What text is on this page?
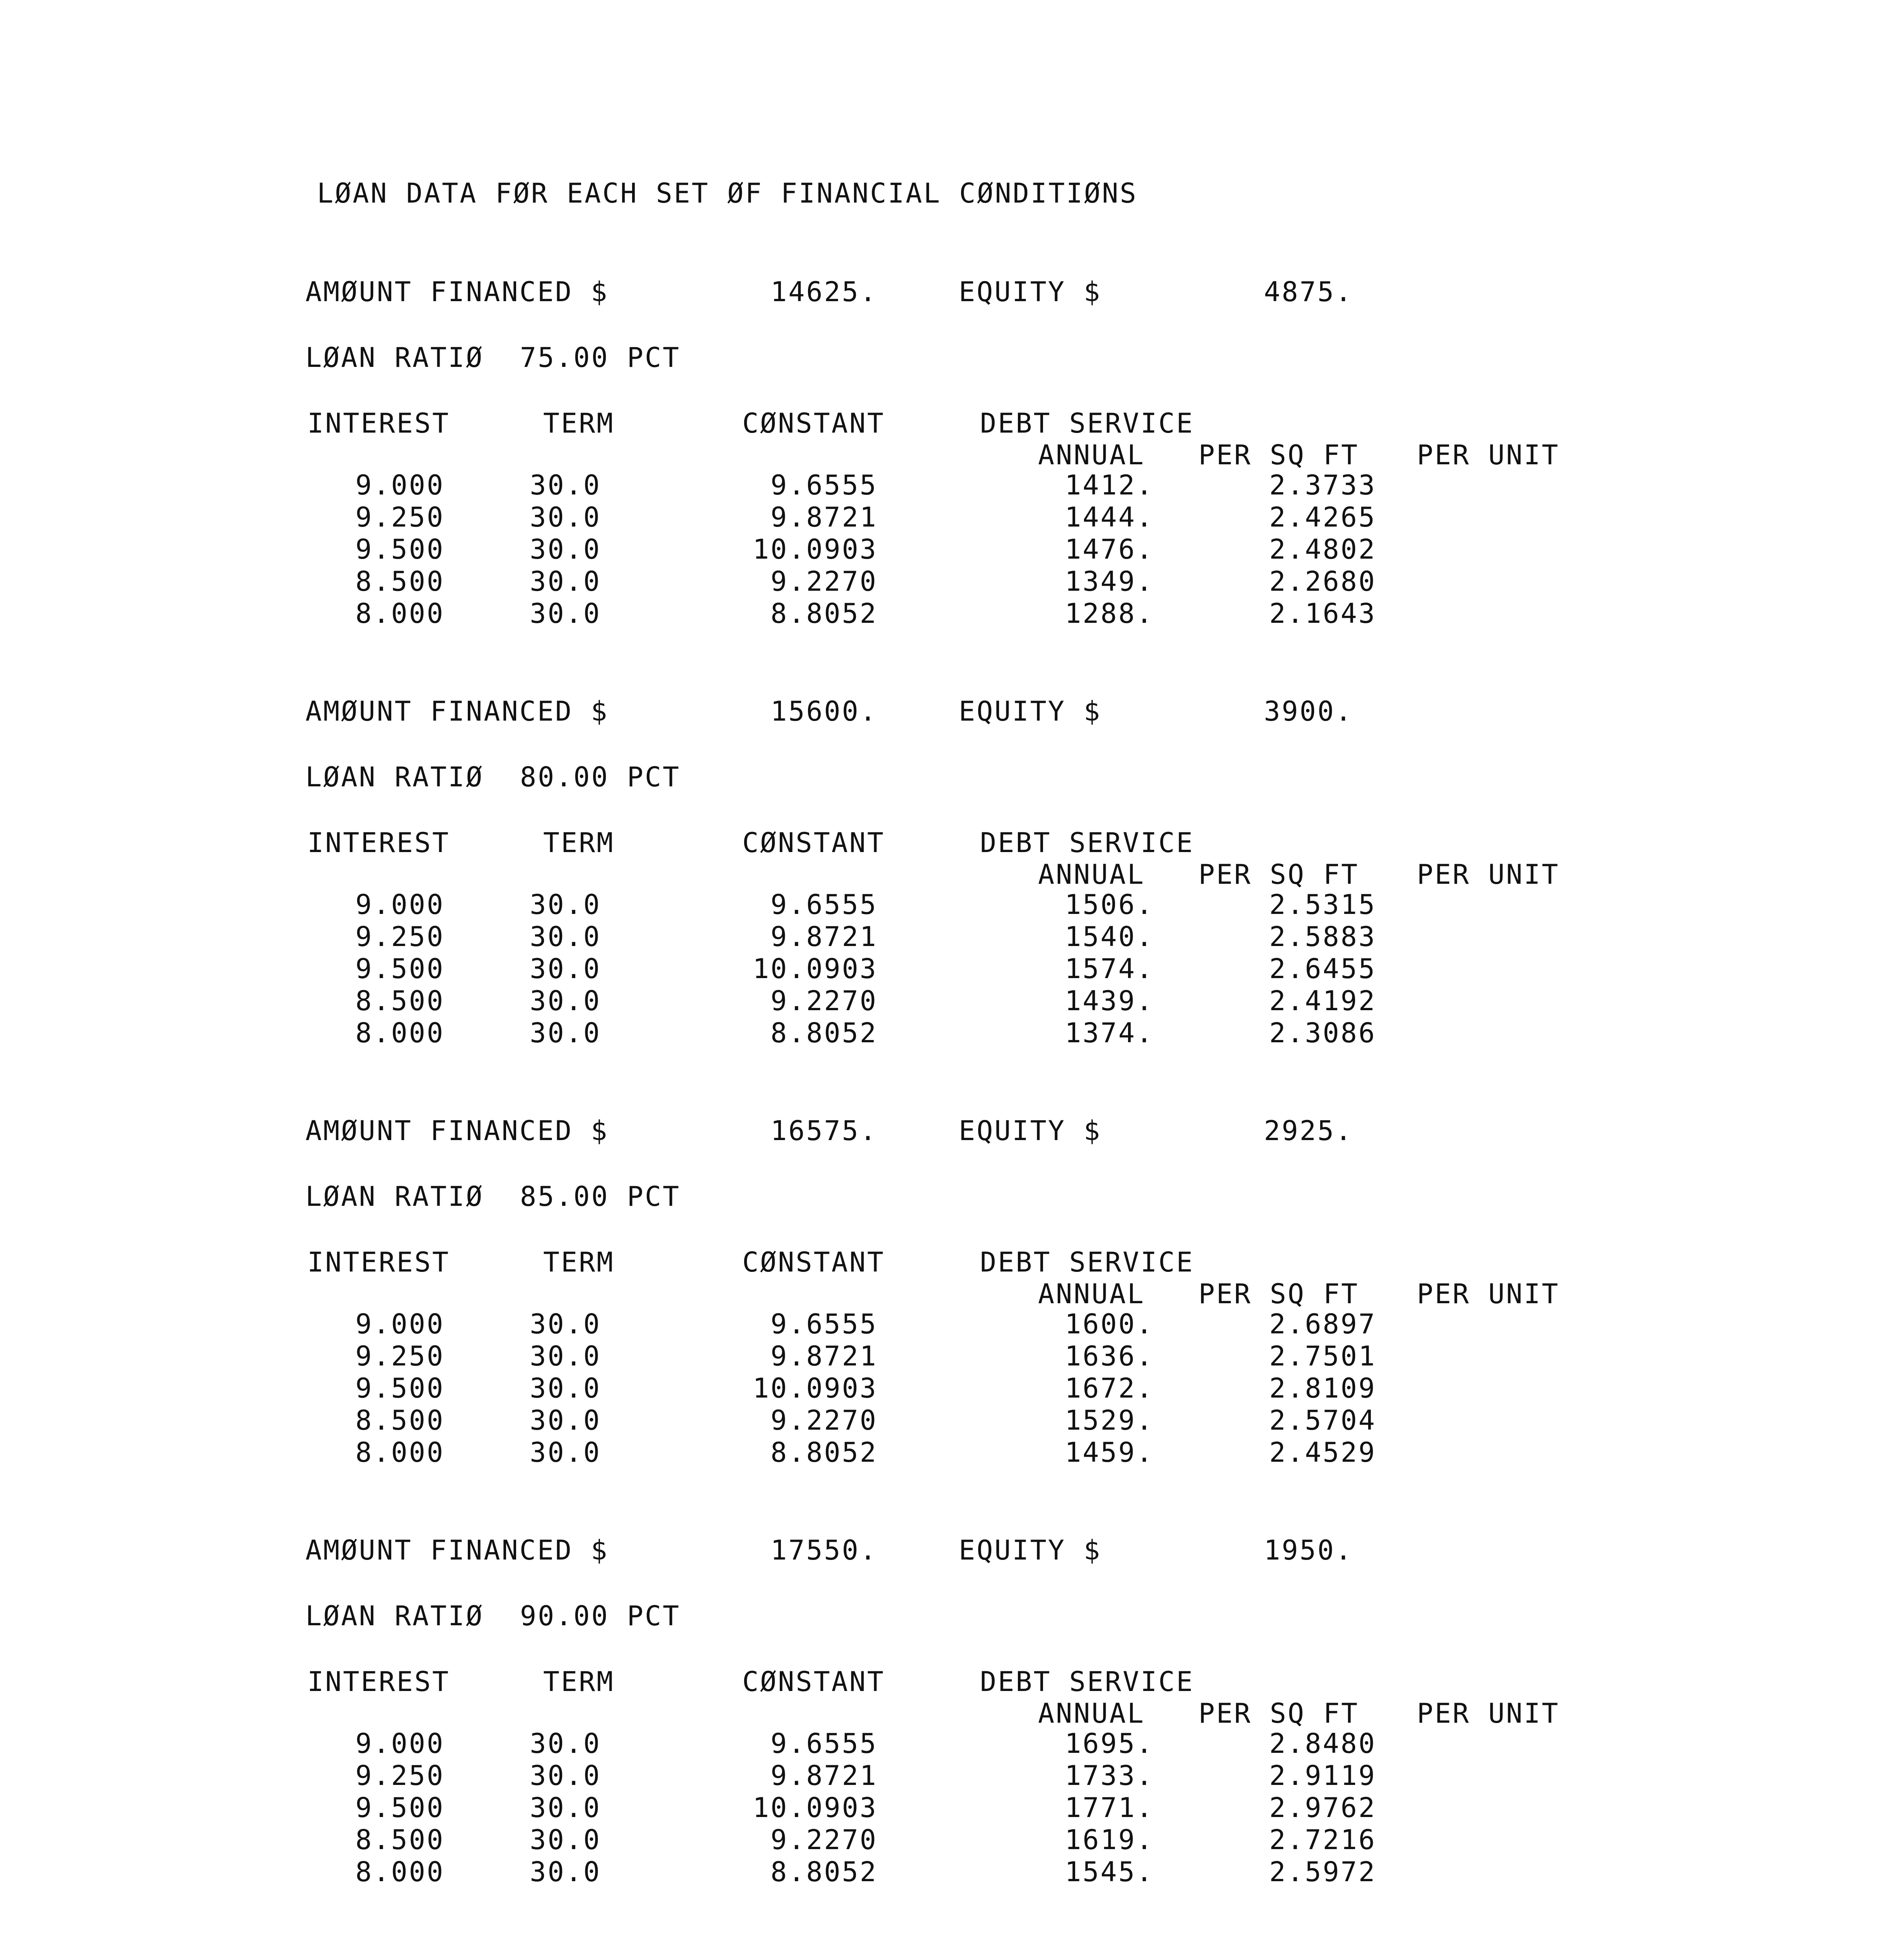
LØAN DATA FØR EACH SET ØF FINANCIAL CØNDITIØNS
AMØUNT FINANCED $	14625.	EQUITY $	4875.
LØAN RATIØ 75.00 PCT
INTEREST	TERM	CØNSTANT	DEBT SERVICE
ANNUAL PER SQ FT PER UNIT
9.000	30.0	9.6555	1412.	2.3733
9.250	30.0	9.8721	1444.	2.4265
9.500	30.0	10.0903	1476.	2.4802
8.500	30.0	9.2270	1349.	2.2680
8.000	30.0	8.8052	1288.	2.1643
AMØUNT FINANCED $	15600.	EQUITY $	3900.
LØAN RATIØ 80.00 PCT
INTEREST	TERM	CØNSTANT	DEBT SERVICE
ANNUAL PER SQ FT PER UNIT
9.000	30.0	9.6555	1506.	2.5315
9.250	30.0	9.8721	1540.	2.5883
9.500	30.0	10.0903	1574.	2.6455
8.500	30.0	9.2270	1439.	2.4192
8.000	30.0	8.8052	1374.	2.3086
AMØUNT FINANCED $	16575.	EQUITY $	2925.
LØAN RATIØ 85.00 PCT
INTEREST	TERM	CØNSTANT	DEBT SERVICE
ANNUAL PER SQ FT PER UNIT
9.000	30.0	9.6555	1600.	2.6897
9.250	30.0	9.8721	1636.	2.7501
9.500	30.0	10.0903	1672.	2.8109
8.500	30.0	9.2270	1529.	2.5704
8.000	30.0	8.8052	1459.	2.4529
AMØUNT FINANCED $	17550.	EQUITY $	1950.
LØAN RATIØ 90.00 PCT
INTEREST	TERM	CØNSTANT	DEBT SERVICE
ANNUAL PER SQ FT PER UNIT
9.000	30.0	9.6555	1695.	2.8480
9.250	30.0	9.8721	1733.	2.9119
9.500	30.0	10.0903	1771.	2.9762
8.500	30.0	9.2270	1619.	2.7216
8.000	30.0	8.8052	1545.	2.5972
